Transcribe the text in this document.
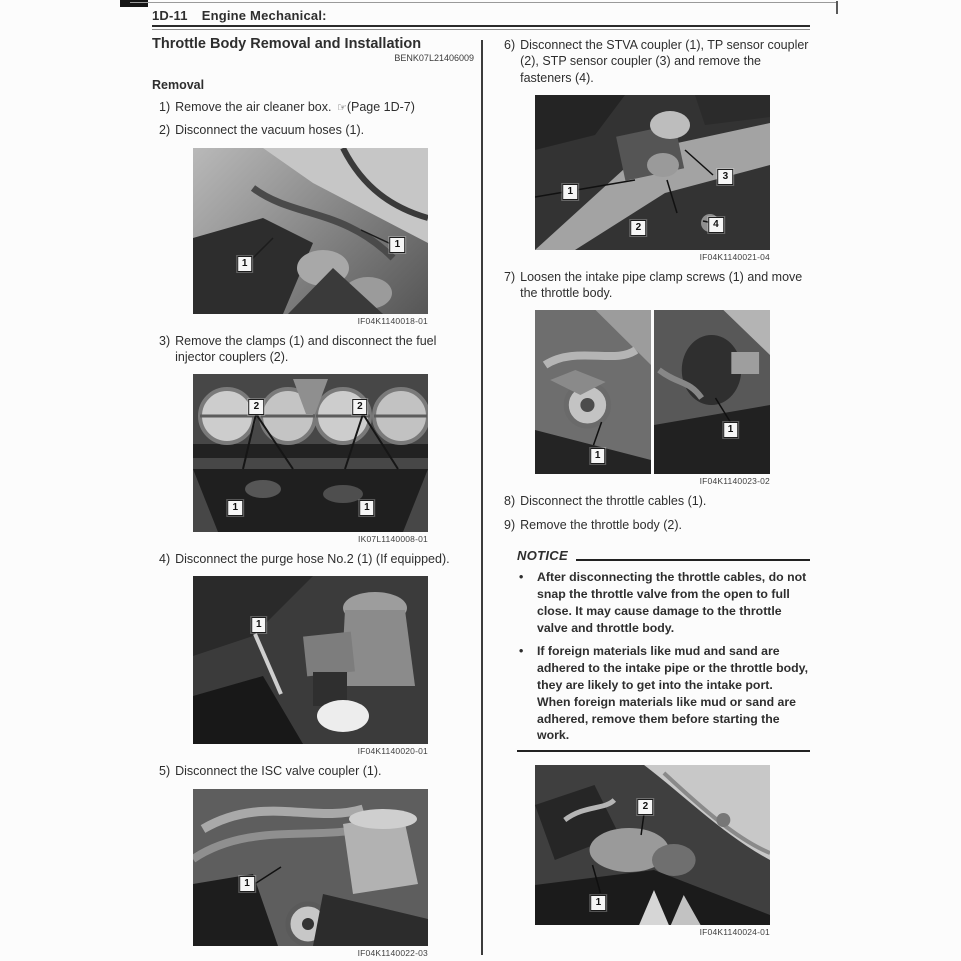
1D-11 Engine Mechanical:
Throttle Body Removal and Installation
BENK07L21406009
Removal
1) Remove the air cleaner box. ☞(Page 1D-7)
2) Disconnect the vacuum hoses (1).
1
1
IF04K1140018-01
3) Remove the clamps (1) and disconnect the fuel injector couplers (2).
2	2
1	1
IK07L1140008-01
4) Disconnect the purge hose No.2 (1) (If equipped).
1
IF04K1140020-01
5) Disconnect the ISC valve coupler (1).
1
IF04K1140022-03
6) Disconnect the STVA coupler (1), TP sensor coupler (2), STP sensor coupler (3) and remove the fasteners (4).
1
2
3
4
IF04K1140021-04
7) Loosen the intake pipe clamp screws (1) and move the throttle body.
1
1
IF04K1140023-02
8) Disconnect the throttle cables (1).
9) Remove the throttle body (2).
NOTICE
•	After disconnecting the throttle cables, do not snap the throttle valve from the open to full close. It may cause damage to the throttle valve and throttle body.

•	If foreign materials like mud and sand are adhered to the intake pipe or the throttle body, they are likely to get into the intake port.

When foreign materials like mud or sand are adhered, remove them before starting the work.

2
1
IF04K1140024-01
